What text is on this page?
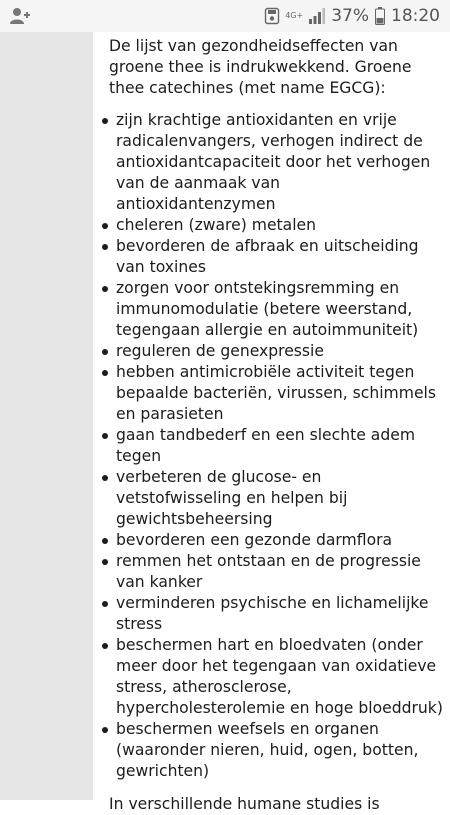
4G+ 37% 18:20
De lijst van gezondheidseffecten van groene thee is indrukwekkend. Groene thee catechines (met name EGCG):
zijn krachtige antioxidanten en vrije radicalenvangers, verhogen indirect de antioxidantcapaciteit door het verhogen van de aanmaak van antioxidantenzymen
cheleren (zware) metalen
bevorderen de afbraak en uitscheiding van toxines
zorgen voor ontstekingsremming en immunomodulatie (betere weerstand, tegengaan allergie en autoimmuniteit)
reguleren de genexpressie
hebben antimicrobiële activiteit tegen bepaalde bacteriën, virussen, schimmels en parasieten
gaan tandbederf en een slechte adem tegen
verbeteren de glucose- en vetstofwisseling en helpen bij gewichtsbeheersing
bevorderen een gezonde darmflora
remmen het ontstaan en de progressie van kanker
verminderen psychische en lichamelijke stress
beschermen hart en bloedvaten (onder meer door het tegengaan van oxidatieve stress, atherosclerose, hypercholesterolemie en hoge bloeddruk)
beschermen weefsels en organen (waaronder nieren, huid, ogen, botten, gewrichten)
In verschillende humane studies is
